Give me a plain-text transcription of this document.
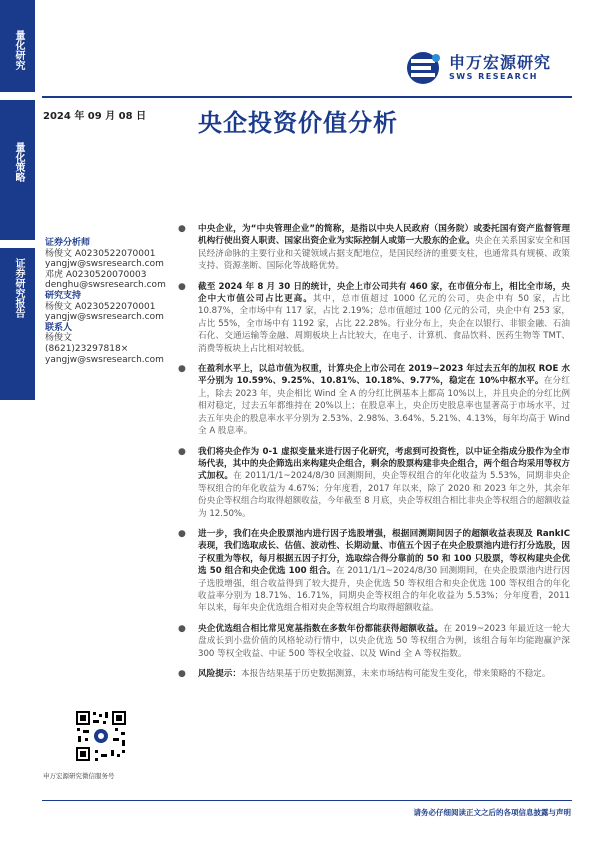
量化研究
量化策略
证券研究报告
申万宏源研究
SWS RESEARCH
2024 年 09 月 08 日 央企投资价值分析
证券分析师
杨俊文 A0230522070001
yangjw@swsresearch.com
邓虎 A0230520070003
denghu@swsresearch.com
研究支持
杨俊文 A0230522070001
yangjw@swsresearch.com
联系人
杨俊文
(8621)23297818×
yangjw@swsresearch.com
● 中央企业，为“中央管理企业”的简称，是指以中央人民政府（国务院）或委托国有资产监督管理机构行使出资人职责、国家出资企业为实际控制人或第一大股东的企业。央企在关系国家安全和国民经济命脉的主要行业和关键领域占据支配地位，是国民经济的重要支柱，也通常具有规模、政策支持、资源垄断、国际化等战略优势。
● 截至 2024 年 8 月 30 日的统计，央企上市公司共有 460 家，在市值分布上，相比全市场，央企中大市值公司占比更高。其中，总市值超过 1000 亿元的公司，央企中有 50 家，占比 10.87%，全市场中有 117 家，占比 2.19%；总市值超过 100 亿元的公司，央企中有 253 家，占比 55%，全市场中有 1192 家，占比 22.28%。行业分布上，央企在以银行、非银金融、石油石化、交通运输等金融、周期板块上占比较大，在电子、计算机、食品饮料、医药生物等 TMT、消费等板块上占比相对较低。
● 在盈利水平上，以总市值为权重，计算央企上市公司在 2019~2023 年过去五年的加权 ROE 水平分别为 10.59%、9.25%、10.81%、10.18%、9.77%，稳定在 10%中枢水平。在分红上，除去 2023 年，央企相比 Wind 全 A 的分红比例基本上都高 10%以上，并且央企的分红比例相对稳定，过去五年都维持在 20%以上；在股息率上，央企历史股息率也显著高于市场水平，过去五年央企的股息率水平分别为 2.53%、2.98%、3.64%、5.21%、4.13%，每年均高于 Wind 全 A 股息率。
● 我们将央企作为 0-1 虚拟变量来进行因子化研究，考虑到可投资性，以中证全指成分股作为全市场代表，其中的央企筛选出来构建央企组合，剩余的股票构建非央企组合，两个组合均采用等权方式加权。在 2011/1/1~2024/8/30 回测期间，央企等权组合的年化收益为 5.53%，同期非央企等权组合的年化收益为 4.67%；分年度看，2017 年以来，除了 2020 和 2023 年之外，其余年份央企等权组合均取得超额收益，今年截至 8 月底，央企等权组合相比非央企等权组合的超额收益为 12.50%。
● 进一步，我们在央企股票池内进行因子选股增强，根据回测期间因子的超额收益表现及 RankIC 表现，我们选取成长、估值、波动性、长期动量、市值五个因子在央企股票池内进行打分选股，因子权重为等权，每月根据五因子打分，选取综合得分靠前的 50 和 100 只股票，等权构建央企优选 50 组合和央企优选 100 组合。在 2011/1/1~2024/8/30 回测期间，在央企股票池内进行因子选股增强，组合收益得到了较大提升，央企优选 50 等权组合和央企优选 100 等权组合的年化收益率分别为 18.71%、16.71%，同期央企等权组合的年化收益为 5.53%；分年度看，2011 年以来，每年央企优选组合相对央企等权组合均取得超额收益。
● 央企优选组合相比常见宽基指数在多数年份都能获得超额收益。在 2019~2023 年最近这一轮大盘成长到小盘价值的风格轮动行情中，以央企优选 50 等权组合为例，该组合每年均能跑赢沪深 300 等权全收益、中证 500 等权全收益、以及 Wind 全 A 等权指数。
● 风险提示：本报告结果基于历史数据测算，未来市场结构可能发生变化，带来策略的不稳定。
申万宏源研究微信服务号
请务必仔细阅读正文之后的各项信息披露与声明
